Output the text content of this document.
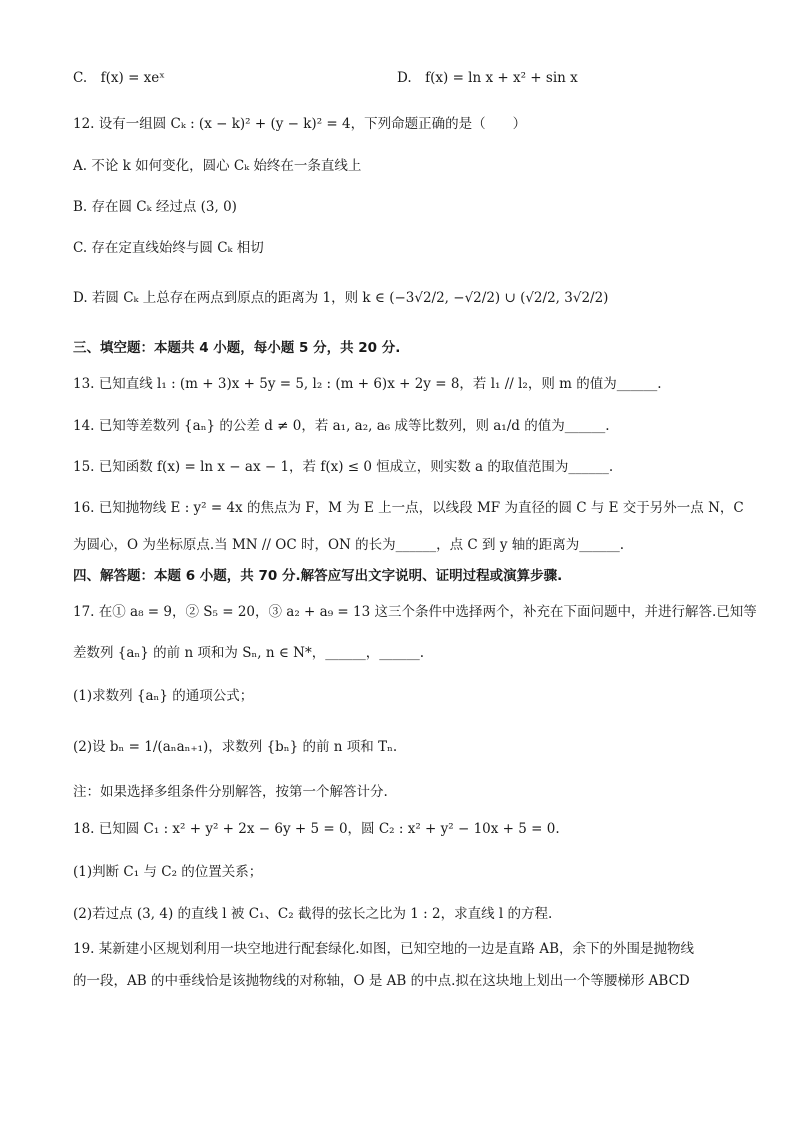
C.　f(x) = xeˣ	D.　f(x) = ln x + x² + sin x
12. 设有一组圆 Cₖ : (x − k)² + (y − k)² = 4，下列命题正确的是（　　）
A. 不论 k 如何变化，圆心 Cₖ 始终在一条直线上
B. 存在圆 Cₖ 经过点 (3, 0)
C. 存在定直线始终与圆 Cₖ 相切
D. 若圆 Cₖ 上总存在两点到原点的距离为 1，则 k ∈ (−3√2/2, −√2/2) ∪ (√2/2, 3√2/2)
三、填空题：本题共 4 小题，每小题 5 分，共 20 分.
13. 已知直线 l₁ : (m + 3)x + 5y = 5, l₂ : (m + 6)x + 2y = 8，若 l₁ // l₂，则 m 的值为______.
14. 已知等差数列 {aₙ} 的公差 d ≠ 0，若 a₁, a₂, a₆ 成等比数列，则 a₁/d 的值为______.
15. 已知函数 f(x) = ln x − ax − 1，若 f(x) ≤ 0 恒成立，则实数 a 的取值范围为______.
16. 已知抛物线 E : y² = 4x 的焦点为 F，M 为 E 上一点，以线段 MF 为直径的圆 C 与 E 交于另外一点 N，C
为圆心，O 为坐标原点.当 MN // OC 时，ON 的长为______，点 C 到 y 轴的距离为______.
四、解答题：本题 6 小题，共 70 分.解答应写出文字说明、证明过程或演算步骤.
17. 在① a₈ = 9，② S₅ = 20，③ a₂ + a₉ = 13 这三个条件中选择两个，补充在下面问题中，并进行解答.已知等
差数列 {aₙ} 的前 n 项和为 Sₙ, n ∈ N*，______，______.
(1)求数列 {aₙ} 的通项公式；
(2)设 bₙ = 1/(aₙaₙ₊₁)，求数列 {bₙ} 的前 n 项和 Tₙ.
注：如果选择多组条件分别解答，按第一个解答计分.
18. 已知圆 C₁ : x² + y² + 2x − 6y + 5 = 0，圆 C₂ : x² + y² − 10x + 5 = 0.
(1)判断 C₁ 与 C₂ 的位置关系；
(2)若过点 (3, 4) 的直线 l 被 C₁、C₂ 截得的弦长之比为 1 : 2，求直线 l 的方程.
19. 某新建小区规划利用一块空地进行配套绿化.如图，已知空地的一边是直路 AB，余下的外围是抛物线
的一段，AB 的中垂线恰是该抛物线的对称轴，O 是 AB 的中点.拟在这块地上划出一个等腰梯形 ABCD
